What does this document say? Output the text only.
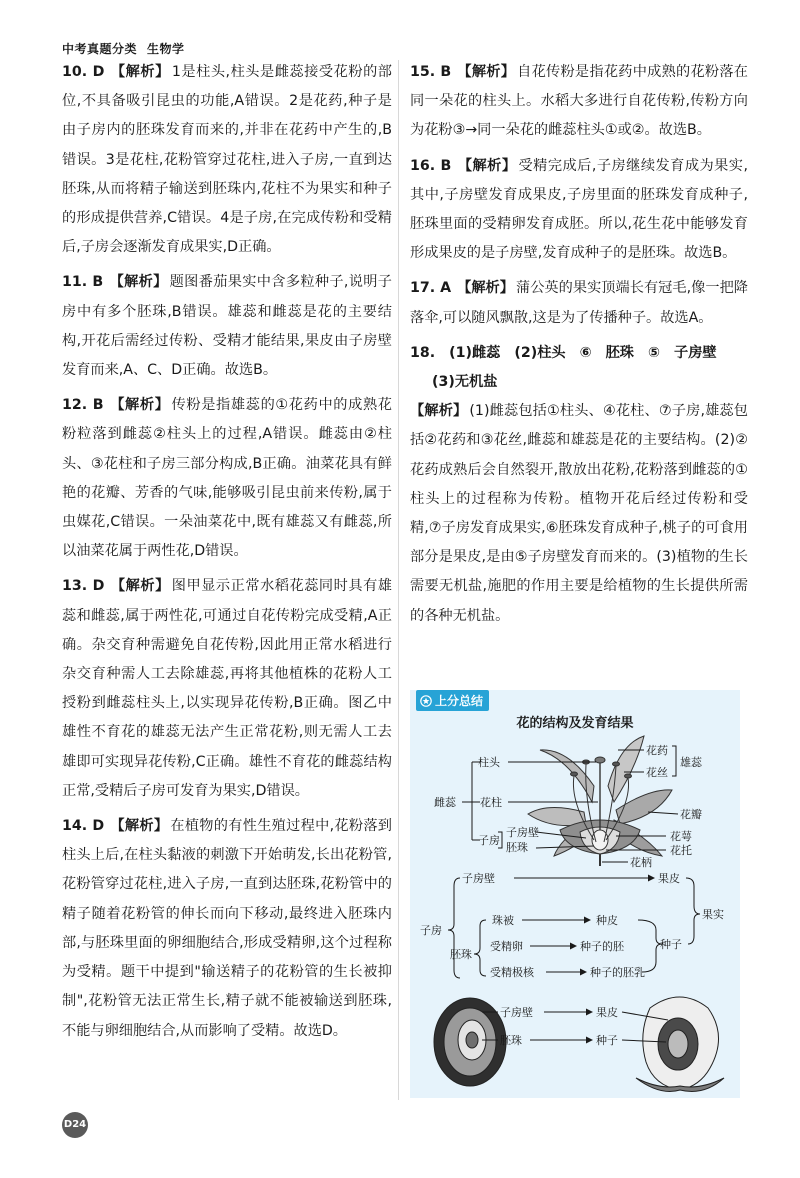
中考真题分类 生物学
10. D 【解析】 1是柱头,柱头是雌蕊接受花粉的部位,不具备吸引昆虫的功能,A错误。2是花药,种子是由子房内的胚珠发育而来的,并非在花药中产生的,B错误。3是花柱,花粉管穿过花柱,进入子房,一直到达胚珠,从而将精子输送到胚珠内,花柱不为果实和种子的形成提供营养,C错误。4是子房,在完成传粉和受精后,子房会逐渐发育成果实,D正确。
11. B 【解析】 题图番茄果实中含多粒种子,说明子房中有多个胚珠,B错误。雄蕊和雌蕊是花的主要结构,开花后需经过传粉、受精才能结果,果皮由子房壁发育而来,A、C、D正确。故选B。
12. B 【解析】 传粉是指雄蕊的①花药中的成熟花粉粒落到雌蕊②柱头上的过程,A错误。雌蕊由②柱头、③花柱和子房三部分构成,B正确。油菜花具有鲜艳的花瓣、芳香的气味,能够吸引昆虫前来传粉,属于虫媒花,C错误。一朵油菜花中,既有雄蕊又有雌蕊,所以油菜花属于两性花,D错误。
13. D 【解析】 图甲显示正常水稻花蕊同时具有雄蕊和雌蕊,属于两性花,可通过自花传粉完成受精,A正确。杂交育种需避免自花传粉,因此用正常水稻进行杂交育种需人工去除雄蕊,再将其他植株的花粉人工授粉到雌蕊柱头上,以实现异花传粉,B正确。图乙中雄性不育花的雄蕊无法产生正常花粉,则无需人工去雄即可实现异花传粉,C正确。雄性不育花的雌蕊结构正常,受精后子房可发育为果实,D错误。
14. D 【解析】 在植物的有性生殖过程中,花粉落到柱头上后,在柱头黏液的刺激下开始萌发,长出花粉管,花粉管穿过花柱,进入子房,一直到达胚珠,花粉管中的精子随着花粉管的伸长而向下移动,最终进入胚珠内部,与胚珠里面的卵细胞结合,形成受精卵,这个过程称为受精。题干中提到"输送精子的花粉管的生长被抑制",花粉管无法正常生长,精子就不能被输送到胚珠,不能与卵细胞结合,从而影响了受精。故选D。
15. B 【解析】 自花传粉是指花药中成熟的花粉落在同一朵花的柱头上。水稻大多进行自花传粉,传粉方向为花粉③→同一朵花的雌蕊柱头①或②。故选B。
16. B 【解析】 受精完成后,子房继续发育成为果实,其中,子房壁发育成果皮,子房里面的胚珠发育成种子,胚珠里面的受精卵发育成胚。所以,花生花中能够发育形成果皮的是子房壁,发育成种子的是胚珠。故选B。
17. A 【解析】 蒲公英的果实顶端长有冠毛,像一把降落伞,可以随风飘散,这是为了传播种子。故选A。
18. (1)雌蕊 (2)柱头 ⑥ 胚珠 ⑤ 子房壁
(3)无机盐
【解析】 (1)雌蕊包括①柱头、④花柱、⑦子房,雄蕊包括②花药和③花丝,雌蕊和雄蕊是花的主要结构。(2)②花药成熟后会自然裂开,散放出花粉,花粉落到雌蕊的①柱头上的过程称为传粉。植物开花后经过传粉和受精,⑦子房发育成果实,⑥胚珠发育成种子,桃子的可食用部分是果皮,是由⑤子房壁发育而来的。(3)植物的生长需要无机盐,施肥的作用主要是给植物的生长提供所需的各种无机盐。
上分总结
花的结构及发育结果
柱头
雌蕊 花柱
子房
子房壁
胚珠
花药
花丝
雄蕊
花瓣
花萼
花托
花柄
子房
子房壁	果皮
胚珠
珠被	种皮
受精卵	种子的胚
受精极核	种子的胚乳
种子
果实
子房壁	果皮
胚珠	种子
D24
